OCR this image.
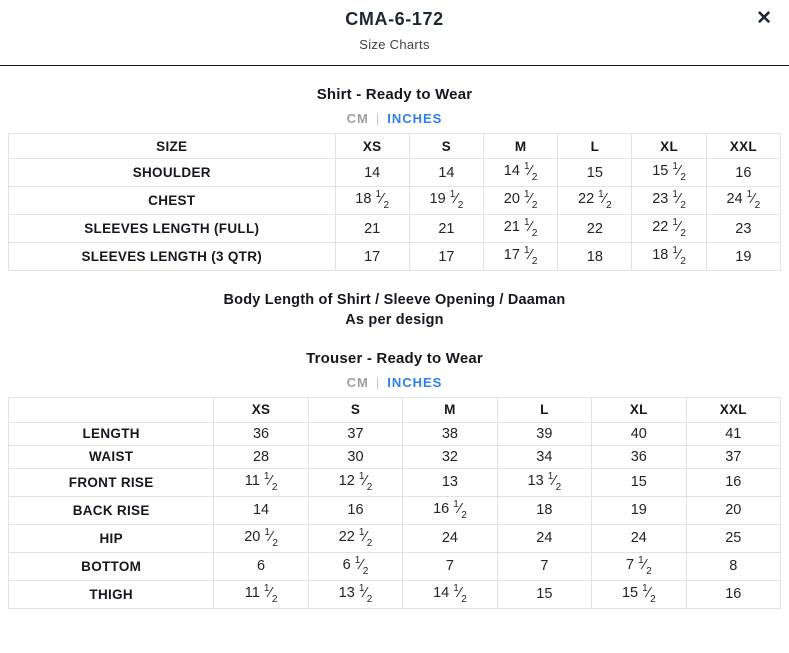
CMA-6-172
Size Charts
✕
Shirt - Ready to Wear
CM | INCHES
SIZE	XS	S	M	L	XL	XXL
SHOULDER	14	14	14 $^1⁄_2$	15	15 $^1⁄_2$	16
CHEST	18 $^1⁄_2$	19 $^1⁄_2$	20 $^1⁄_2$	22 $^1⁄_2$	23 $^1⁄_2$	24 $^1⁄_2$
SLEEVES LENGTH (FULL)	21	21	21 $^1⁄_2$	22	22 $^1⁄_2$	23
SLEEVES LENGTH (3 QTR)	17	17	17 $^1⁄_2$	18	18 $^1⁄_2$	19
Body Length of Shirt / Sleeve Opening / Daaman
As per design
Trouser - Ready to Wear
CM | INCHES
	XS	S	M	L	XL	XXL
LENGTH	36	37	38	39	40	41
WAIST	28	30	32	34	36	37
FRONT RISE	11 $^1⁄_2$	12 $^1⁄_2$	13	13 $^1⁄_2$	15	16
BACK RISE	14	16	16 $^1⁄_2$	18	19	20
HIP	20 $^1⁄_2$	22 $^1⁄_2$	24	24	24	25
BOTTOM	6	6 $^1⁄_2$	7	7	7 $^1⁄_2$	8
THIGH	11 $^1⁄_2$	13 $^1⁄_2$	14 $^1⁄_2$	15	15 $^1⁄_2$	16
